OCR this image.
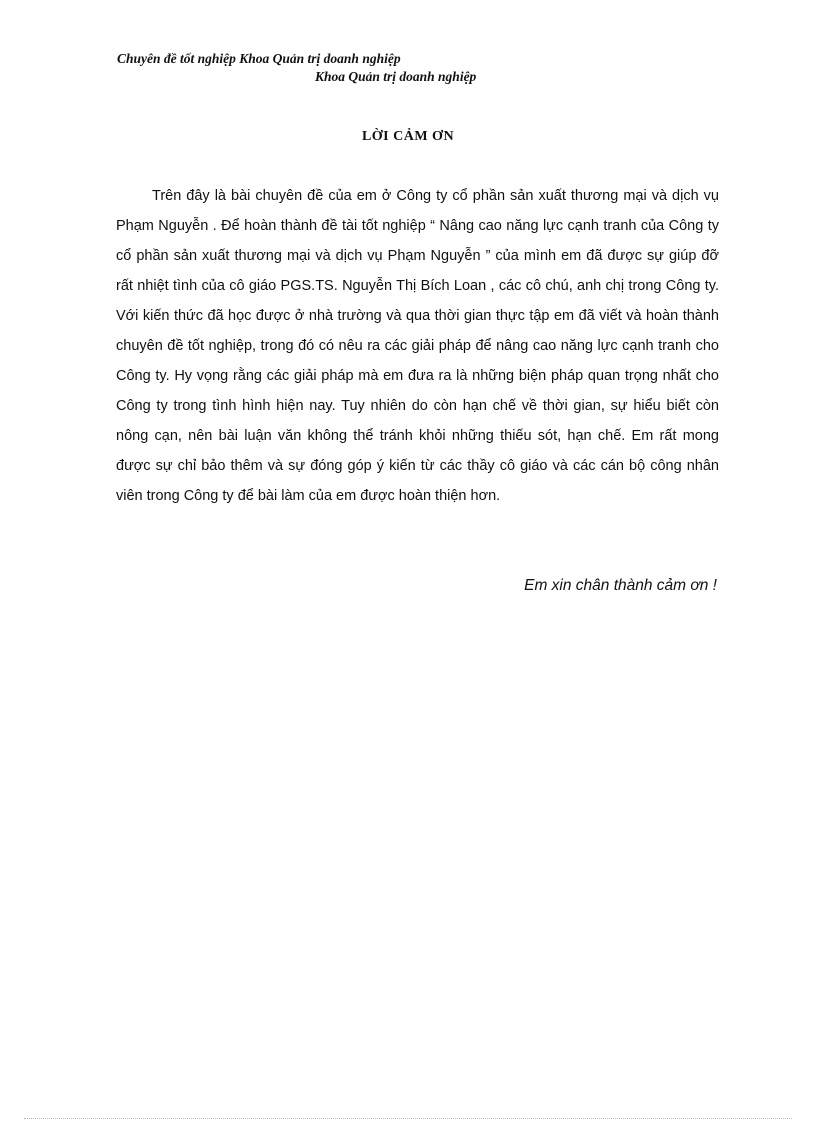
Chuyên đề tốt nghiệp Khoa Quản trị doanh nghiệp
Khoa Quản trị doanh nghiệp
LỜI CẢM ƠN

Trên đây là bài chuyên đề của em ở Công ty cổ phần sản xuất thương mại và dịch vụ Phạm Nguyễn . Để hoàn thành đề tài tốt nghiệp “ Nâng cao năng lực cạnh tranh của Công ty cổ phần sản xuất thương mại và dịch vụ Phạm Nguyễn ” của mình em đã được sự giúp đỡ rất nhiệt tình của cô giáo PGS.TS. Nguyễn Thị Bích Loan , các cô chú, anh chị trong Công ty. Với kiến thức đã học được ở nhà trường và qua thời gian thực tập em đã viết và hoàn thành chuyên đề tốt nghiệp, trong đó có nêu ra các giải pháp để nâng cao năng lực cạnh tranh cho Công ty. Hy vọng rằng các giải pháp mà em đưa ra là những biện pháp quan trọng nhất cho Công ty trong tình hình hiện nay. Tuy nhiên do còn hạn chế về thời gian, sự hiểu biết còn nông cạn, nên bài luận văn không thể tránh khỏi những thiếu sót, hạn chế. Em rất mong được sự chỉ bảo thêm và sự đóng góp ý kiến từ các thầy cô giáo và các cán bộ công nhân viên trong Công ty để bài làm của em được hoàn thiện hơn.

Em xin chân thành cảm ơn !
